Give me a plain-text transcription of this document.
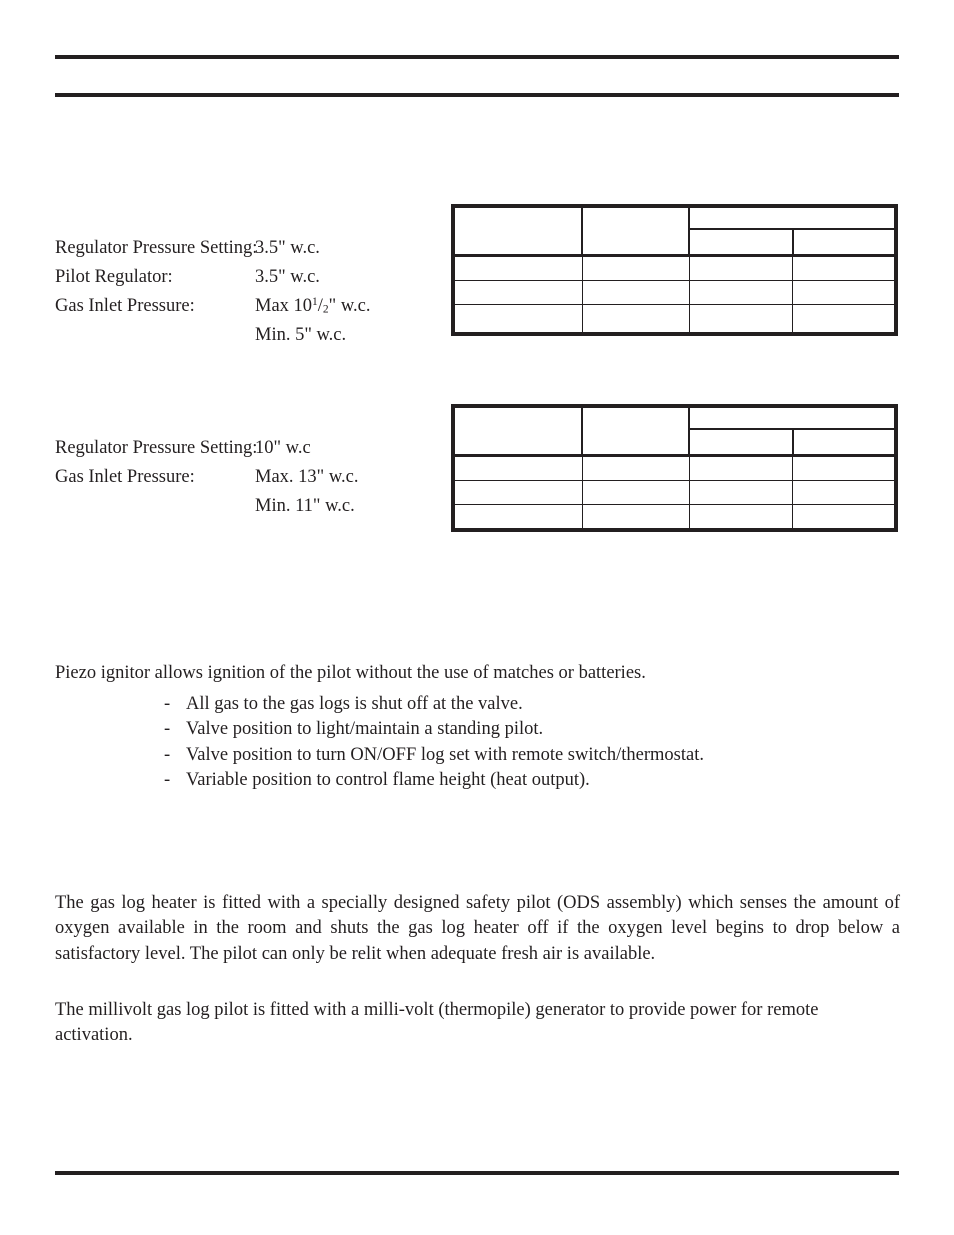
Regulator Pressure Setting:3.5" w.c.
Pilot Regulator:	3.5" w.c.
Gas Inlet Pressure:	Max $10^1/_2$" w.c.
Min. 5" w.c.

Regulator Pressure Setting:10" w.c
Gas Inlet Pressure:	Max. 13" w.c.
Min. 11" w.c.

Piezo ignitor allows ignition of the pilot without the use of matches or batteries.

- All gas to the gas logs is shut off at the valve.
- Valve position to light/maintain a standing pilot.
- Valve position to turn ON/OFF log set with remote switch/thermostat.
- Variable position to control flame height (heat output).

The gas log heater is fitted with a specially designed safety pilot (ODS assembly) which senses the amount of oxygen available in the room and shuts the gas log heater off if the oxygen level begins to drop below a satisfactory level. The pilot can only be relit when adequate fresh air is available.

The millivolt gas log pilot is fitted with a milli-volt (thermopile) generator to provide power for remote activation.
